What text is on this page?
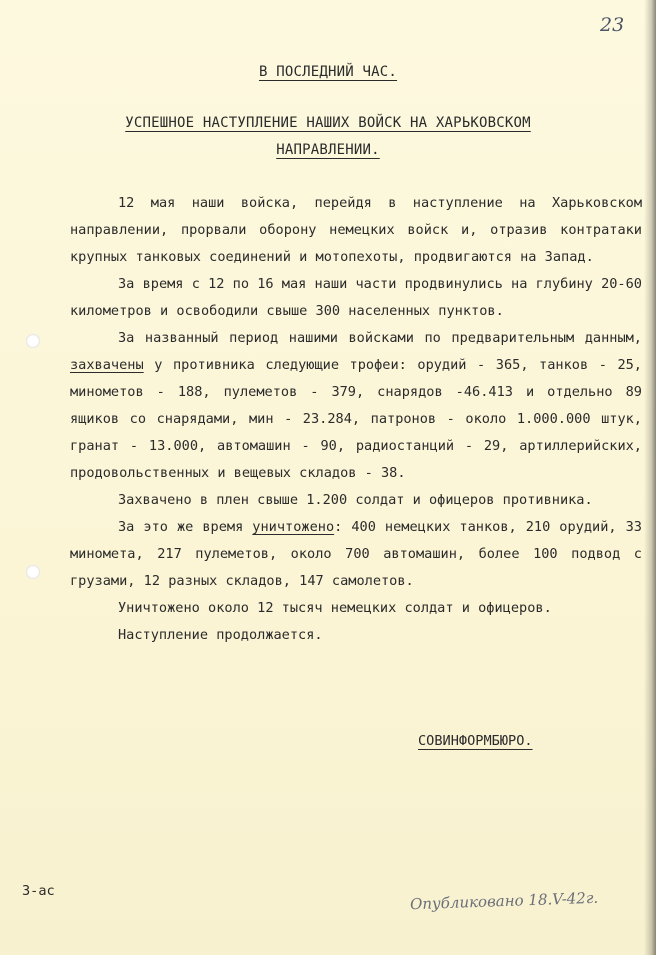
23
В ПОСЛЕДНИЙ ЧАС.
УСПЕШНОЕ НАСТУПЛЕНИЕ НАШИХ ВОЙСК НА ХАРЬКОВСКОМ
НАПРАВЛЕНИИ.

12 мая наши войска, перейдя в наступление на Харьковском направлении, прорвали оборону немецких войск и, отразив контратаки крупных танковых соединений и мотопехоты, продвигаются на Запад.

За время с 12 по 16 мая наши части продвинулись на глубину 20-60 километров и освободили свыше 300 населенных пунктов.

За названный период нашими войсками по предварительным данным, захвачены у противника следующие трофеи: орудий - 365, танков - 25, минометов - 188, пулеметов - 379, снарядов -46.413 и отдельно 89 ящиков со снарядами, мин - 23.284, патронов - около 1.000.000 штук, гранат - 13.000, автомашин - 90, радиостанций - 29, артиллерийских, продовольственных и вещевых складов - 38.

Захвачено в плен свыше 1.200 солдат и офицеров противника.

За это же время уничтожено: 400 немецких танков, 210 орудий, 33 миномета, 217 пулеметов, около 700 автомашин, более 100 подвод с грузами, 12 разных складов, 147 самолетов.

Уничтожено около 12 тысяч немецких солдат и офицеров.

Наступление продолжается.

СОВИНФОРМБЮРО.
3-ас	Опубликовано 18.V-42г.
